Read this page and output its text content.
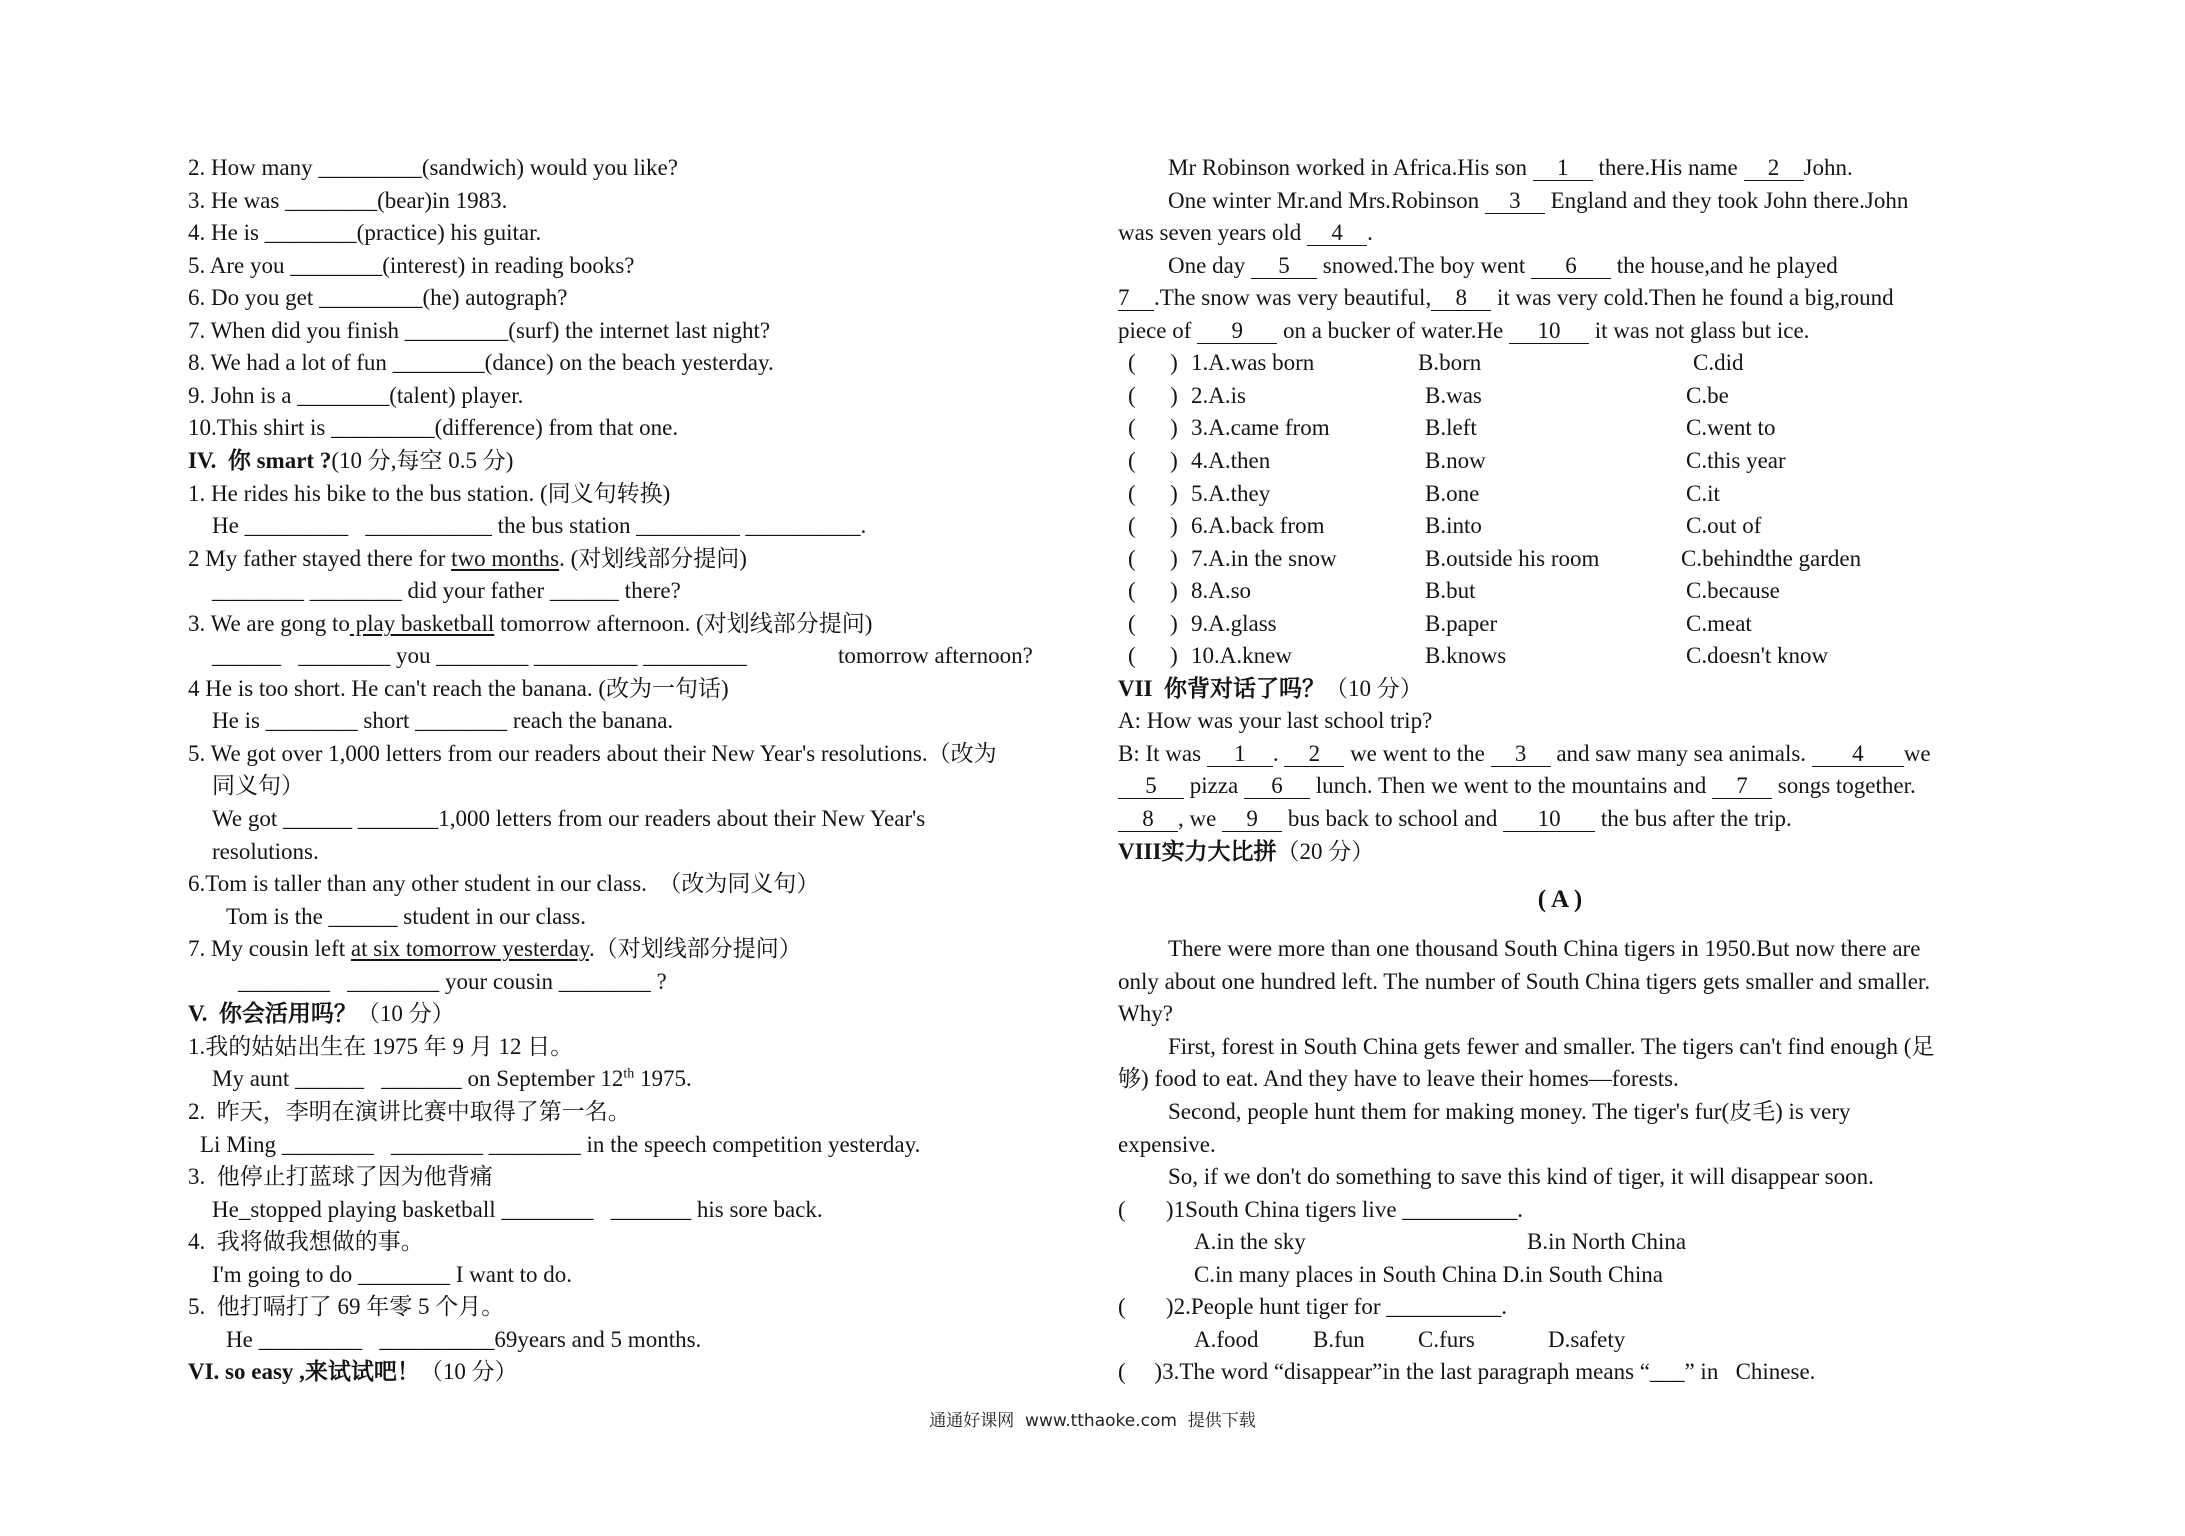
2. How many _________(sandwich) would you like?
3. He was ________(bear)in 1983.
4. He is ________(practice) his guitar.
5. Are you ________(interest) in reading books?
6. Do you get _________(he) autograph?
7. When did you finish _________(surf) the internet last night?
8. We had a lot of fun ________(dance) on the beach yesterday.
9. John is a ________(talent) player.
10.This shirt is _________(difference) from that one.
IV.  你 smart ?(10 分,每空 0.5 分)
1. He rides his bike to the bus station. (同义句转换)
He _________   ___________ the bus station _________ __________.
2 My father stayed there for two months. (对划线部分提问)
________ ________ did your father ______ there?
3. We are gong to play basketball tomorrow afternoon. (对划线部分提问)
______   ________ you ________ _________ _________	tomorrow afternoon?
4 He is too short. He can't reach the banana. (改为一句话)
He is ________ short ________ reach the banana.
5. We got over 1,000 letters from our readers about their New Year's resolutions.（改为
同义句）
We got ______ _______1,000 letters from our readers about their New Year's
resolutions.
6.Tom is taller than any other student in our class.  （改为同义句）
Tom is the ______ student in our class.
7. My cousin left at six tomorrow yesterday.（对划线部分提问）
________   ________ your cousin ________ ?
V.  你会活用吗？（10 分）
1.我的姑姑出生在 1975 年 9 月 12 日。
My aunt ______   _______ on September 12th 1975.
2.  昨天，李明在演讲比赛中取得了第一名。
Li Ming ________   ________ ________ in the speech competition yesterday.
3.  他停止打蓝球了因为他背痛
He_stopped playing basketball ________   _______ his sore back.
4.  我将做我想做的事。
I'm going to do ________ I want to do.
5.  他打嗝打了 69 年零 5 个月。
He _________   __________69years and 5 months.
VI. so easy ,来试试吧！（10 分）
Mr Robinson worked in Africa.His son 1 there.His name 2 John.
One winter Mr.and Mrs.Robinson 3 England and they took John there.John
was seven years old 4 .
One day 5 snowed.The boy went 6 the house,and he played
7 .The snow was very beautiful, 8 it was very cold.Then he found a big,round
piece of 9 on a bucker of water.He 10 it was not glass but ice.
(      ) 1.A.was born	B.born	C.did
(      ) 2.A.is	B.was	C.be
(      ) 3.A.came from	B.left	C.went to
(      ) 4.A.then	B.now	C.this year
(      ) 5.A.they	B.one	C.it
(      ) 6.A.back from	B.into	C.out of
(      ) 7.A.in the snow	B.outside his room	C.behindthe garden
(      ) 8.A.so	B.but	C.because
(      ) 9.A.glass	B.paper	C.meat
(      ) 10.A.knew	B.knows	C.doesn't know
VII  你背对话了吗？（10 分）
A: How was your last school trip?
B: It was 1 . 2 we went to the 3 and saw many sea animals. 4 we
5 pizza 6 lunch. Then we went to the mountains and 7 songs together.
8 , we 9 bus back to school and 10 the bus after the trip.
VIII实力大比拼（20 分）
( A )
There were more than one thousand South China tigers in 1950.But now there are
only about one hundred left. The number of South China tigers gets smaller and smaller.
Why?
First, forest in South China gets fewer and smaller. The tigers can't find enough (足
够) food to eat. And they have to leave their homes—forests.
Second, people hunt them for making money. The tiger's fur(皮毛) is very
expensive.
So, if we don't do something to save this kind of tiger, it will disappear soon.
(       )1South China tigers live __________.
A.in the sky	B.in North China
C.in many places in South China D.in South China
(       )2.People hunt tiger for __________.
A.food B.fun C.furs	D.safety
(     )3.The word “disappear”in the last paragraph means “___” in   Chinese.
通通好课网  www.tthaoke.com  提供下载
